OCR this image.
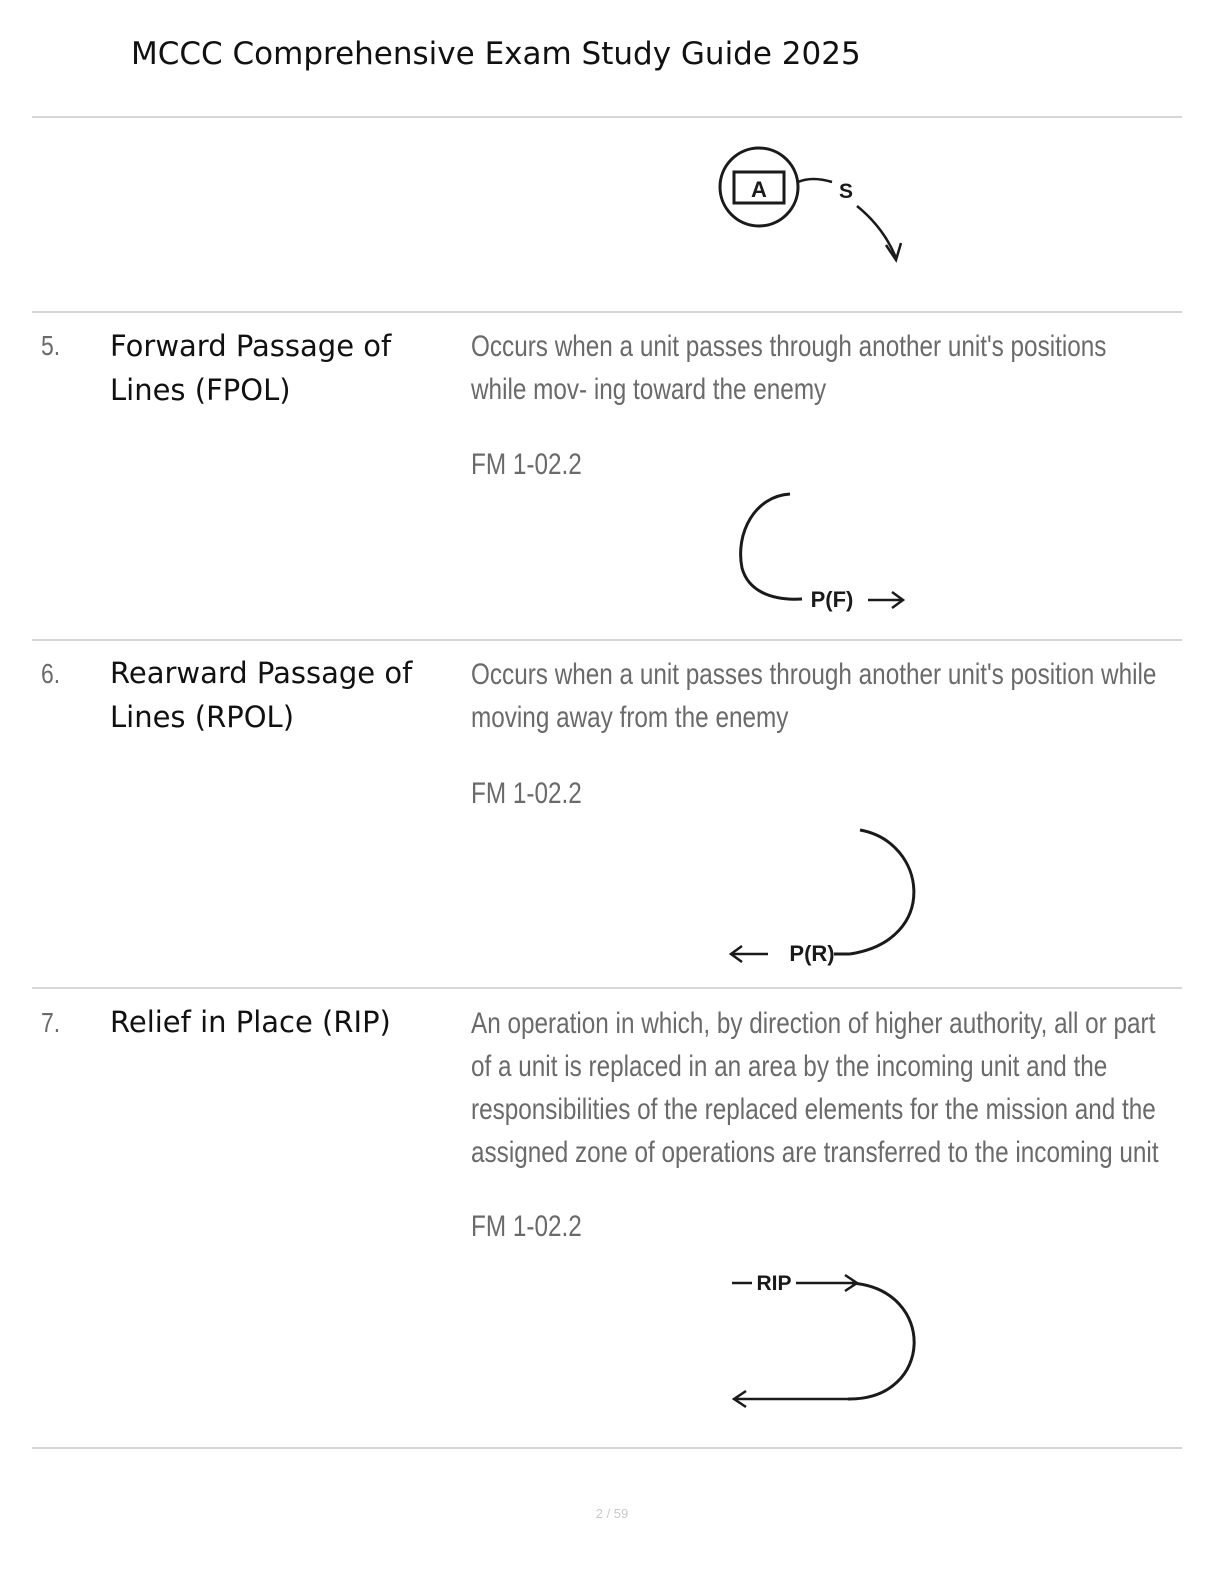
MCCC Comprehensive Exam Study Guide 2025
A	S
5. Forward Passage of Lines (FPOL)
Occurs when a unit passes through another unit's positions while mov- ing toward the enemy
FM 1-02.2
P(F)
6. Rearward Passage of Lines (RPOL)
Occurs when a unit passes through another unit's position while moving away from the enemy
FM 1-02.2
P(R)
7. Relief in Place (RIP)	An operation in which, by direction of higher authority, all or part of a unit is replaced in an area by the incoming unit and the responsibilities of the replaced elements for the mission and the assigned zone of operations are transferred to the incoming unit
FM 1-02.2
RIP
2 / 59
